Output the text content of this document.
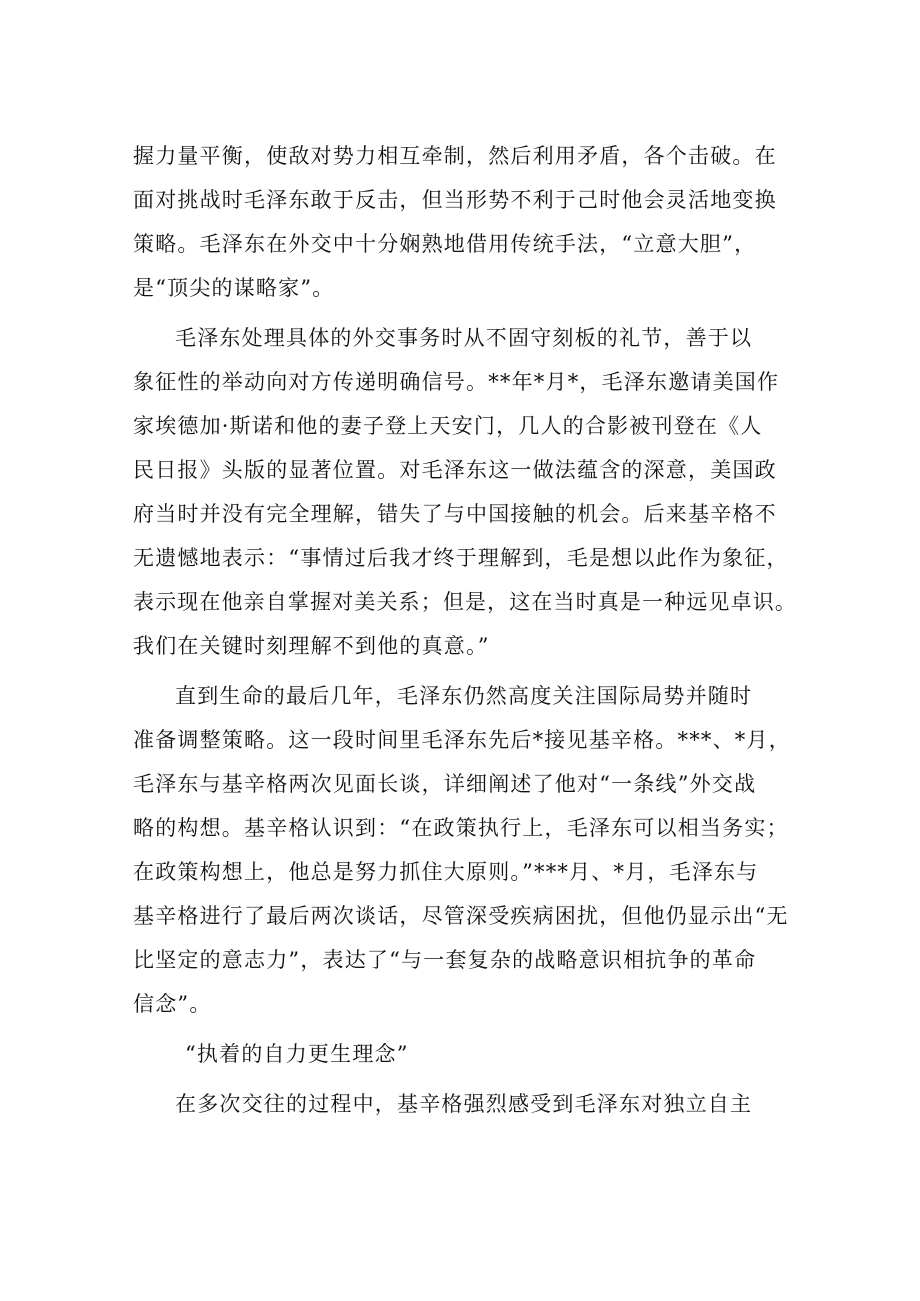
握力量平衡，使敌对势力相互牵制，然后利用矛盾，各个击破。在
面对挑战时毛泽东敢于反击，但当形势不利于己时他会灵活地变换
策略。毛泽东在外交中十分娴熟地借用传统手法，“立意大胆”，
是“顶尖的谋略家”。
毛泽东处理具体的外交事务时从不固守刻板的礼节，善于以
象征性的举动向对方传递明确信号。**年*月*，毛泽东邀请美国作
家埃德加·斯诺和他的妻子登上天安门，几人的合影被刊登在《人
民日报》头版的显著位置。对毛泽东这一做法蕴含的深意，美国政
府当时并没有完全理解，错失了与中国接触的机会。后来基辛格不
无遗憾地表示：“事情过后我才终于理解到，毛是想以此作为象征，
表示现在他亲自掌握对美关系；但是，这在当时真是一种远见卓识。
我们在关键时刻理解不到他的真意。”
直到生命的最后几年，毛泽东仍然高度关注国际局势并随时
准备调整策略。这一段时间里毛泽东先后*接见基辛格。***、*月，
毛泽东与基辛格两次见面长谈，详细阐述了他对“一条线”外交战
略的构想。基辛格认识到：“在政策执行上，毛泽东可以相当务实；
在政策构想上，他总是努力抓住大原则。”***月、*月，毛泽东与
基辛格进行了最后两次谈话，尽管深受疾病困扰，但他仍显示出“无
比坚定的意志力”，表达了“与一套复杂的战略意识相抗争的革命
信念”。
“执着的自力更生理念”
在多次交往的过程中，基辛格强烈感受到毛泽东对独立自主
